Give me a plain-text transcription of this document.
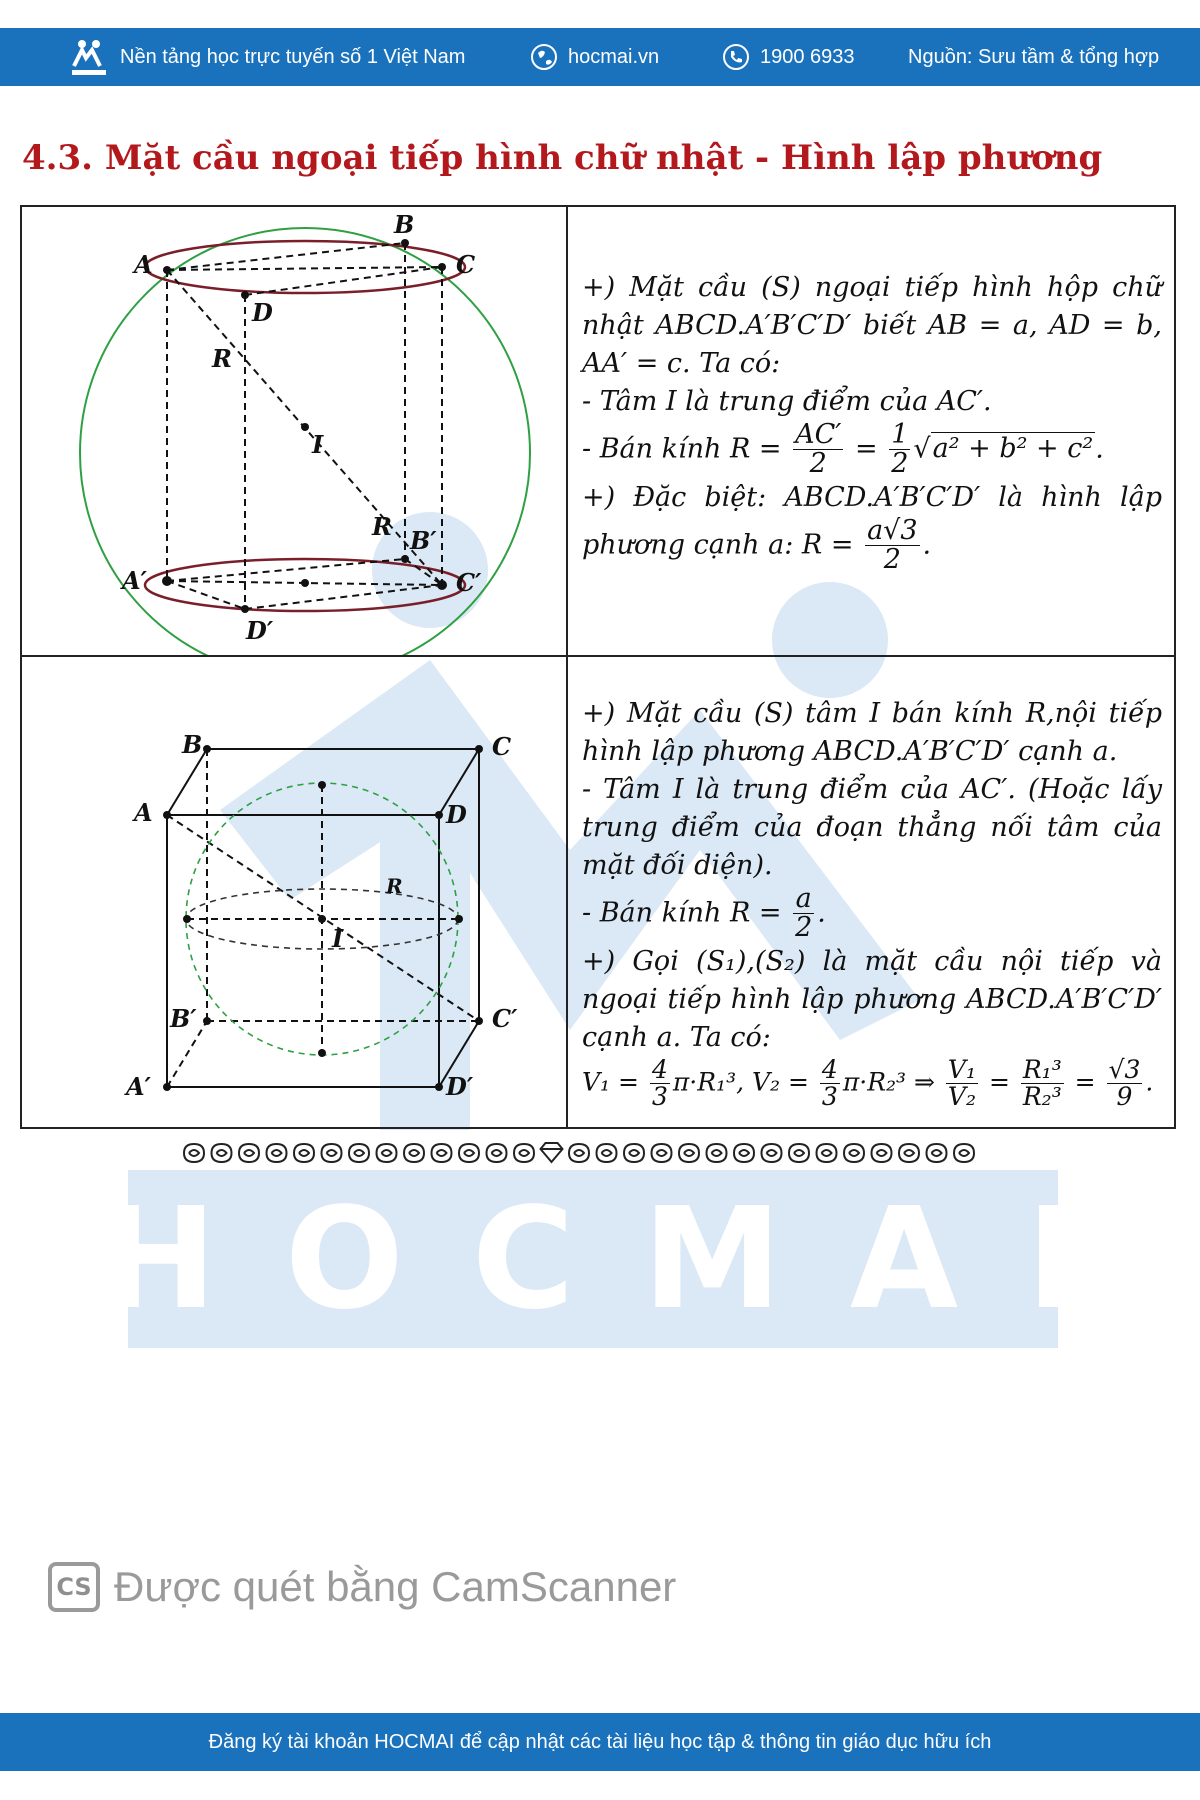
Nền tảng học trực tuyến số 1 Việt Nam	hocmai.vn	1900 6933	Nguồn: Sưu tầm & tổng hợp
HOCMAI
4.3. Mặt cầu ngoại tiếp hình chữ nhật - Hình lập phương
A
B
C
D
R
I
R B′
A′	C′
D′
B	C
A	D
R
I
B′	C′
A′	D′

+) Mặt cầu (S) ngoại tiếp hình hộp chữ nhật ABCD.A′B′C′D′ biết AB = a, AD = b, AA′ = c. Ta có:

- Tâm I là trung điểm của AC′.

- Bán kính $R = \frac{AC'}{2} = \frac{1}{2} √a^2 + b^2 + c^2$.

+) Đặc biệt: ABCD.A′B′C′D′ là hình lập phương cạnh a: $R = \frac{a√3}{2}$ .

+) Mặt cầu (S) tâm I bán kính R,nội tiếp hình lập phương ABCD.A′B′C′D′ cạnh a.

- Tâm I là trung điểm của AC′. (Hoặc lấy trung điểm của đoạn thẳng nối tâm của mặt đối diện).

- Bán kính $R = \frac{a}{2}$ .

+) Gọi (S₁),(S₂) là mặt cầu nội tiếp và ngoại tiếp hình lập phương ABCD.A′B′C′D′ cạnh a. Ta có:

$V_1 = \frac{4}{3} \pi\cdot R_1^3$, $V_2 = \frac{4}{3} \pi\cdot R_2^3$ ⇒ $\frac{\text{V₁}}{\text{V₂}} = \frac{\text{R₁³}}{\text{R₂³}} = \frac{√3}{9}$ .

CS Được quét bằng CamScanner
Đăng ký tài khoản HOCMAI để cập nhật các tài liệu học tập & thông tin giáo dục hữu ích
